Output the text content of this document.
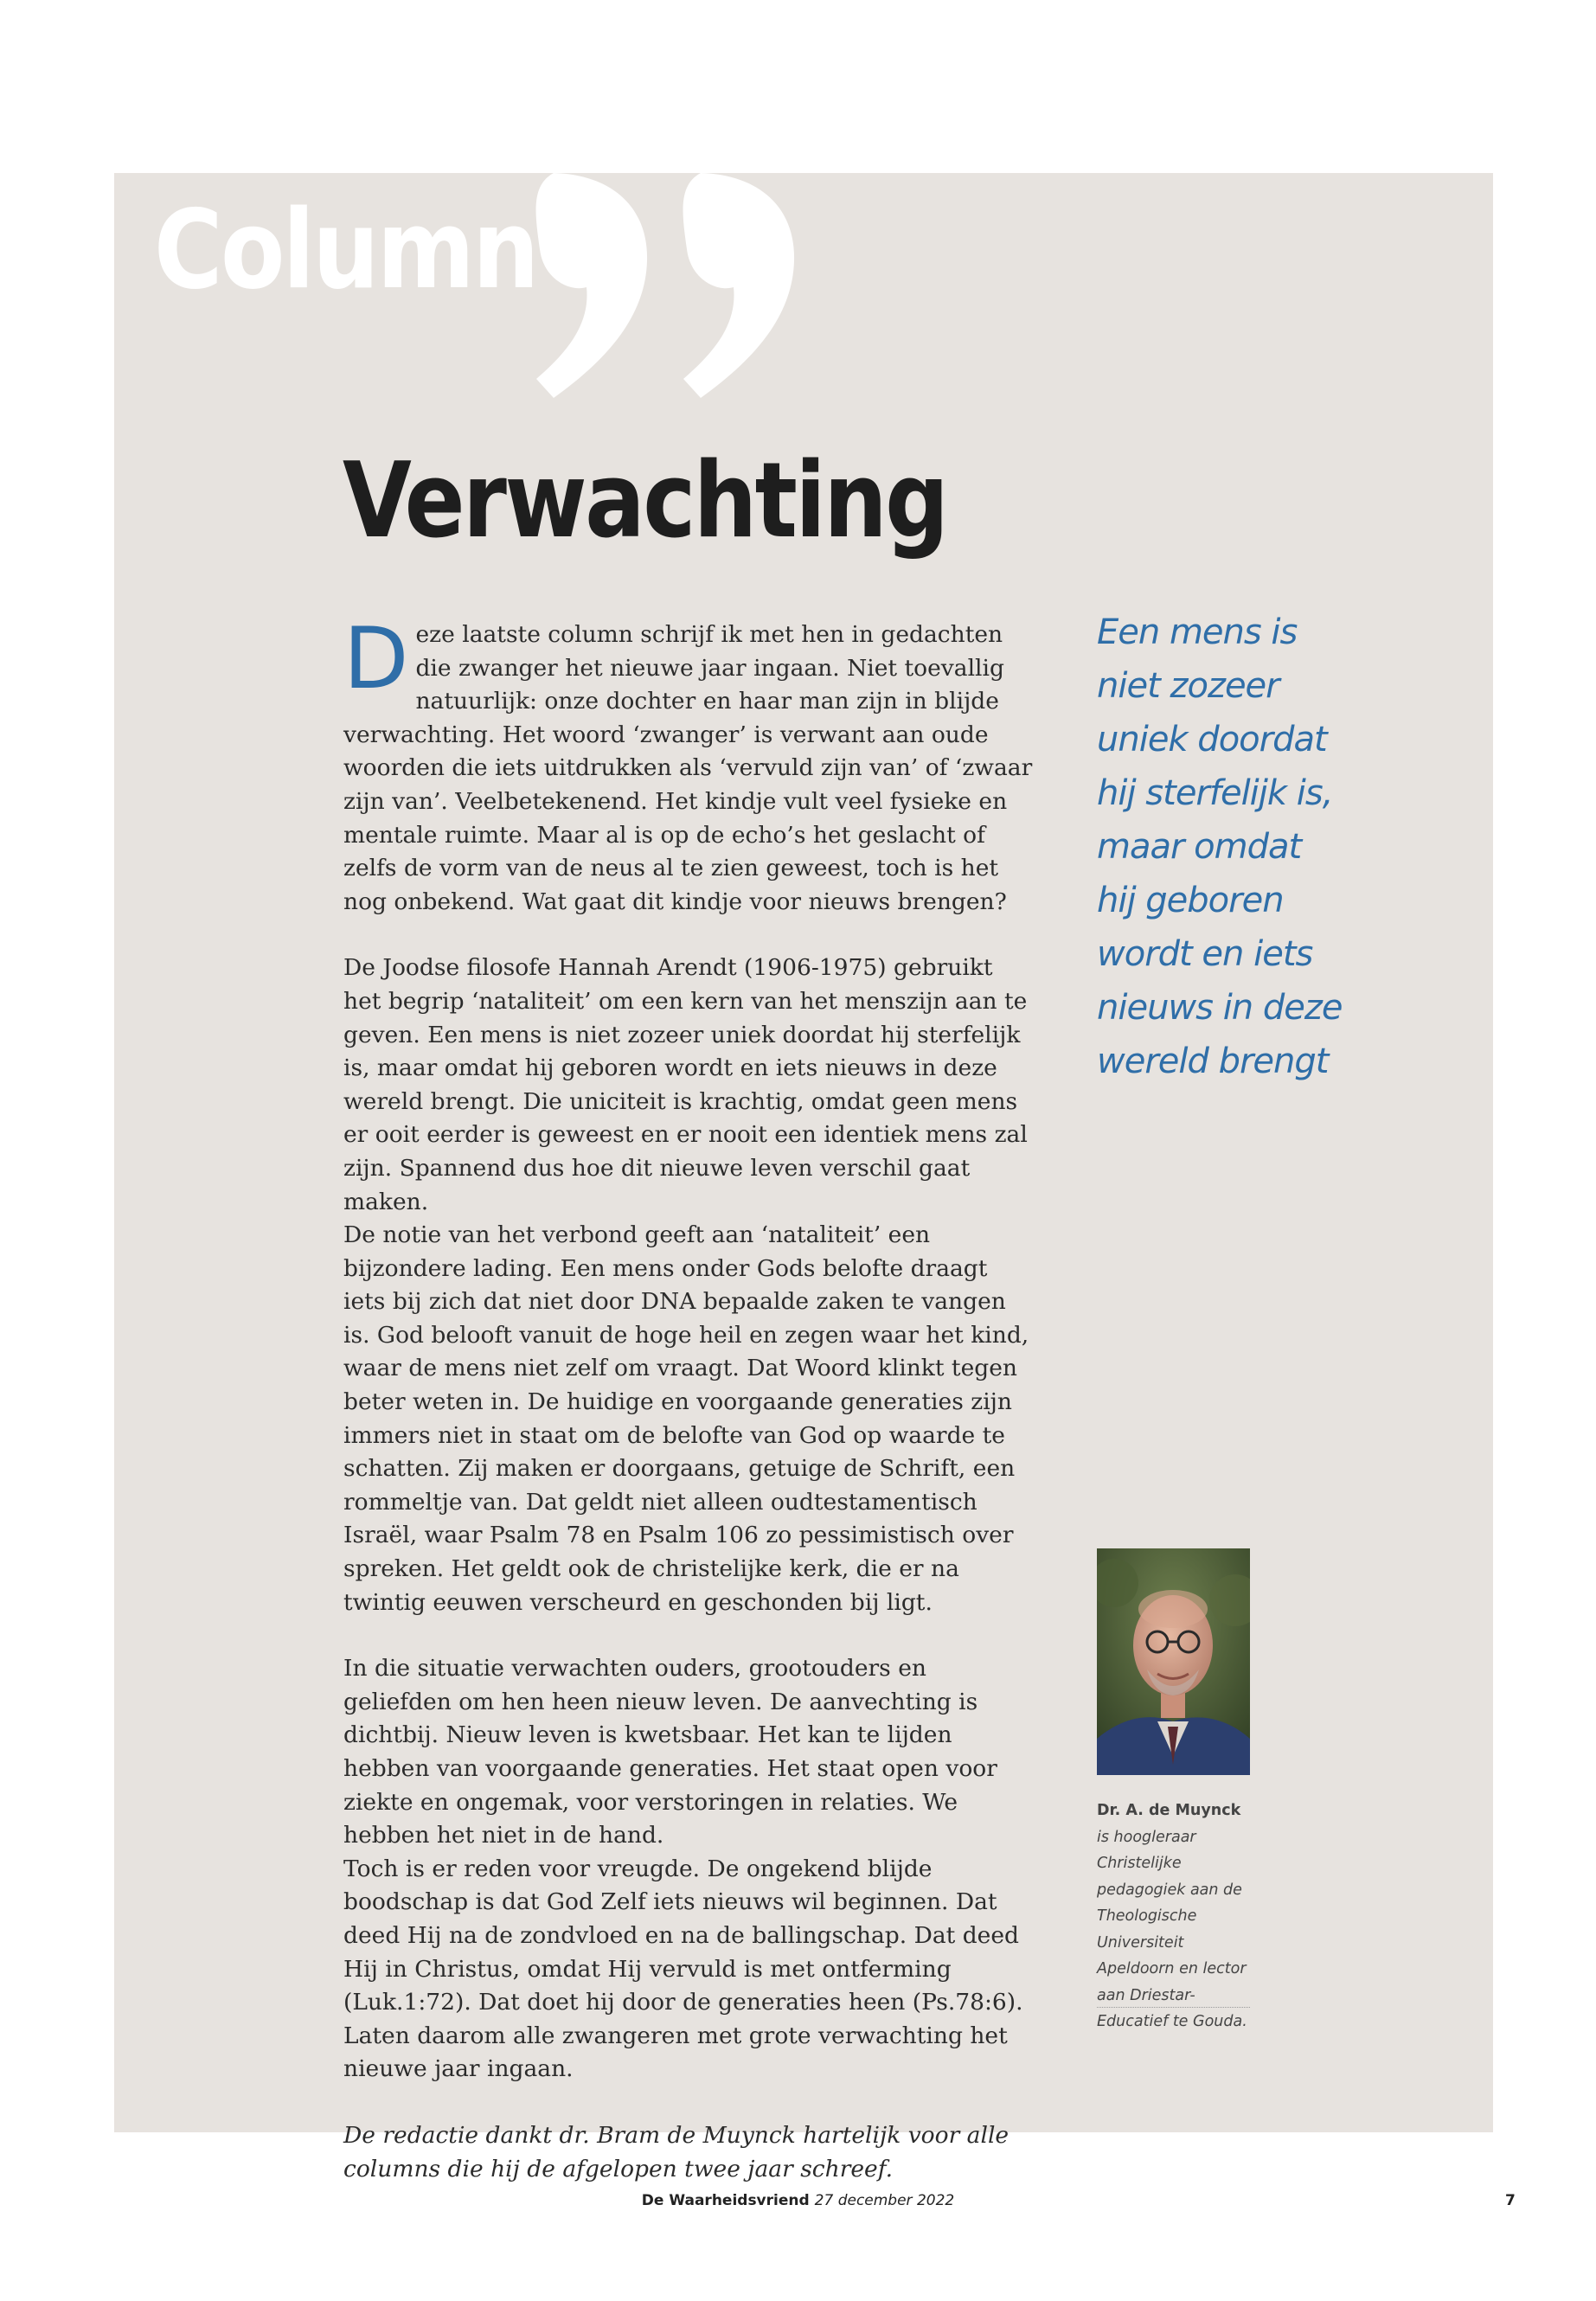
Column
Verwachting

Deze laatste column schrijf ik met hen in gedachten die zwanger het nieuwe jaar ingaan. Niet toevallig natuurlijk: onze dochter en haar man zijn in blijde verwachting. Het woord ‘zwanger’ is verwant aan oude woorden die iets uitdrukken als ‘vervuld zijn van’ of ‘zwaar zijn van’. Veelbetekenend. Het kindje vult veel fysieke en mentale ruimte. Maar al is op de echo’s het geslacht of zelfs de vorm van de neus al te zien geweest, toch is het nog onbekend. Wat gaat dit kindje voor nieuws brengen?

De Joodse filosofe Hannah Arendt (1906-1975) gebruikt het begrip ‘nataliteit’ om een kern van het menszijn aan te geven. Een mens is niet zozeer uniek doordat hij sterfelijk is, maar omdat hij geboren wordt en iets nieuws in deze wereld brengt. Die uniciteit is krachtig, omdat geen mens er ooit eerder is geweest en er nooit een identiek mens zal zijn. Spannend dus hoe dit nieuwe leven verschil gaat maken.

De notie van het verbond geeft aan ‘nataliteit’ een bijzondere lading. Een mens onder Gods belofte draagt iets bij zich dat niet door DNA bepaalde zaken te vangen is. God belooft vanuit de hoge heil en zegen waar het kind, waar de mens niet zelf om vraagt. Dat Woord klinkt tegen beter weten in. De huidige en voorgaande generaties zijn immers niet in staat om de belofte van God op waarde te schatten. Zij maken er doorgaans, getuige de Schrift, een rommeltje van. Dat geldt niet alleen oudtestamentisch Israël, waar Psalm 78 en Psalm 106 zo pessimistisch over spreken. Het geldt ook de christelijke kerk, die er na twintig eeuwen verscheurd en geschonden bij ligt.

In die situatie verwachten ouders, grootouders en geliefden om hen heen nieuw leven. De aanvechting is dichtbij. Nieuw leven is kwetsbaar. Het kan te lijden hebben van voorgaande generaties. Het staat open voor ziekte en ongemak, voor verstoringen in relaties. We hebben het niet in de hand.

Toch is er reden voor vreugde. De ongekend blijde boodschap is dat God Zelf iets nieuws wil beginnen. Dat deed Hij na de zondvloed en na de ballingschap. Dat deed Hij in Christus, omdat Hij vervuld is met ontferming (Luk.1:72). Dat doet hij door de generaties heen (Ps.78:6). Laten daarom alle zwangeren met grote verwachting het nieuwe jaar ingaan.

De redactie dankt dr. Bram de Muynck hartelijk voor alle columns die hij de afgelopen twee jaar schreef.

Een mens is
niet zozeer
uniek doordat
hij sterfelijk is,
maar omdat
hij geboren
wordt en iets
nieuws in deze
wereld brengt
Dr. A. de Muynck
is hoogleraar Christelijke pedagogiek aan de Theologische Universiteit Apeldoorn en lector aan Driestar-Educatief te Gouda.
De Waarheidsvriend 27 december 2022	7
